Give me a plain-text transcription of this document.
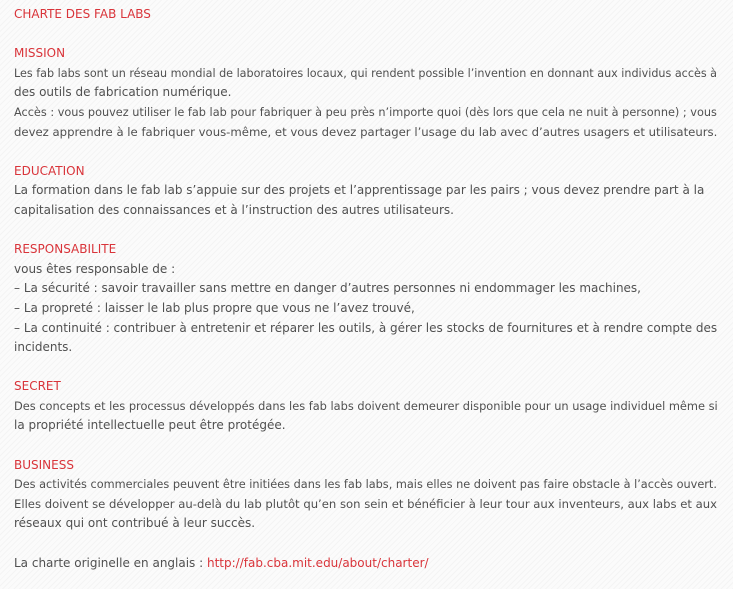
CHARTE DES FAB LABS
MISSION
Les fab labs sont un réseau mondial de laboratoires locaux, qui rendent possible l’invention en donnant aux individus accès à
des outils de fabrication numérique.
Accès : vous pouvez utiliser le fab lab pour fabriquer à peu près n’importe quoi (dès lors que cela ne nuit à personne) ; vous
devez apprendre à le fabriquer vous-même, et vous devez partager l’usage du lab avec d’autres usagers et utilisateurs.
EDUCATION
La formation dans le fab lab s’appuie sur des projets et l’apprentissage par les pairs ; vous devez prendre part à la
capitalisation des connaissances et à l’instruction des autres utilisateurs.
RESPONSABILITE
vous êtes responsable de :
– La sécurité : savoir travailler sans mettre en danger d’autres personnes ni endommager les machines,
– La propreté : laisser le lab plus propre que vous ne l’avez trouvé,
– La continuité : contribuer à entretenir et réparer les outils, à gérer les stocks de fournitures et à rendre compte des
incidents.
SECRET
Des concepts et les processus développés dans les fab labs doivent demeurer disponible pour un usage individuel même si
la propriété intellectuelle peut être protégée.
BUSINESS
Des activités commerciales peuvent être initiées dans les fab labs, mais elles ne doivent pas faire obstacle à l’accès ouvert.
Elles doivent se développer au-delà du lab plutôt qu’en son sein et bénéficier à leur tour aux inventeurs, aux labs et aux
réseaux qui ont contribué à leur succès.
La charte originelle en anglais : http://fab.cba.mit.edu/about/charter/
